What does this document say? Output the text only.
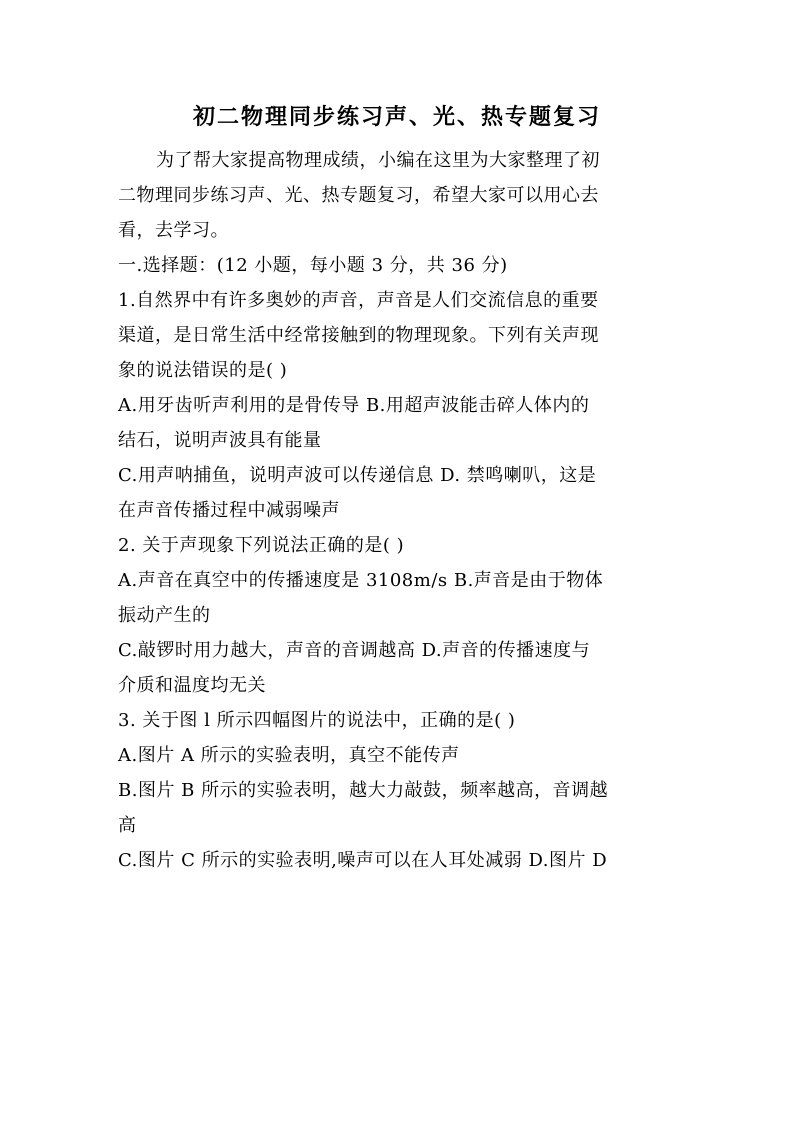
初二物理同步练习声、光、热专题复习
为了帮大家提高物理成绩，小编在这里为大家整理了初
二物理同步练习声、光、热专题复习，希望大家可以用心去
看，去学习。
一.选择题：(12 小题，每小题 3 分，共 36 分)
1.自然界中有许多奥妙的声音，声音是人们交流信息的重要
渠道，是日常生活中经常接触到的物理现象。下列有关声现
象的说法错误的是( )
A.用牙齿听声利用的是骨传导 B.用超声波能击碎人体内的
结石，说明声波具有能量
C.用声呐捕鱼，说明声波可以传递信息 D. 禁鸣喇叭，这是
在声音传播过程中减弱噪声
2. 关于声现象下列说法正确的是( )
A.声音在真空中的传播速度是 3108m/s B.声音是由于物体
振动产生的
C.敲锣时用力越大，声音的音调越高 D.声音的传播速度与
介质和温度均无关
3. 关于图 l 所示四幅图片的说法中，正确的是( )
A.图片 A 所示的实验表明，真空不能传声
B.图片 B 所示的实验表明，越大力敲鼓，频率越高，音调越
高
C.图片 C 所示的实验表明,噪声可以在人耳处减弱 D.图片 D
